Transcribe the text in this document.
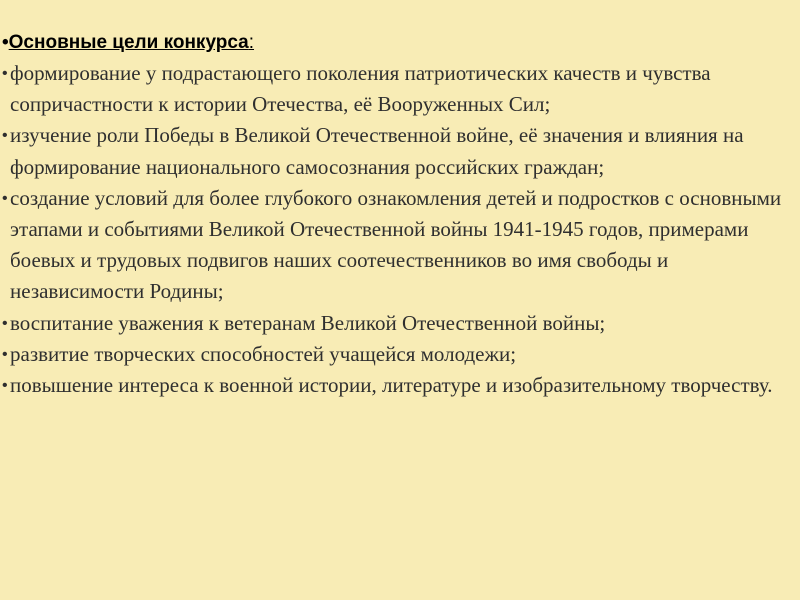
•Основные цели конкурса:
• формирование у подрастающего поколения патриотических качеств и чувства сопричастности к истории Отечества, её Вооруженных Сил;
• изучение роли Победы в Великой Отечественной войне, её значения и влияния на формирование национального самосознания российских граждан;
• создание условий для более глубокого ознакомления детей и подростков с основными этапами и событиями Великой Отечественной войны 1941-1945 годов, примерами боевых и трудовых подвигов наших соотечественников во имя свободы и независимости Родины;
• воспитание уважения к ветеранам Великой Отечественной войны;
• развитие творческих способностей учащейся молодежи;
• повышение интереса к военной истории, литературе и изобразительному творчеству.
